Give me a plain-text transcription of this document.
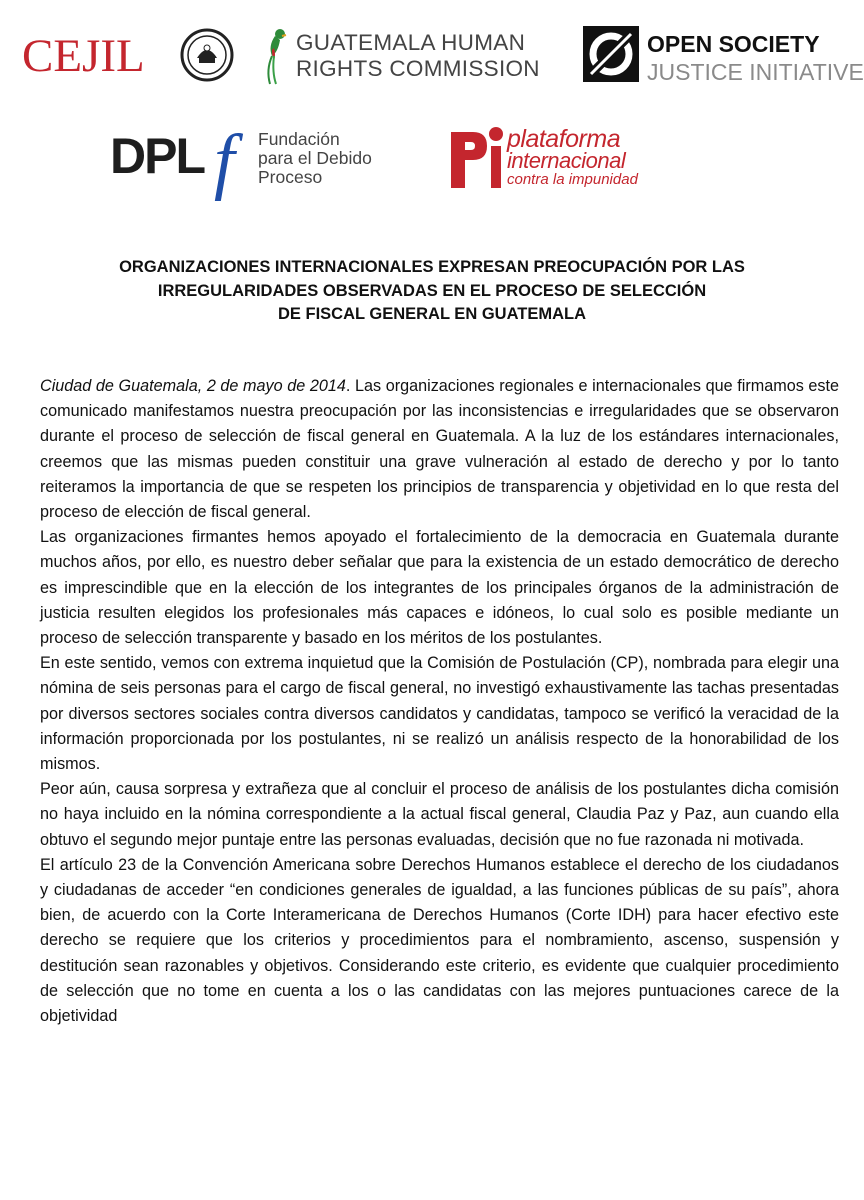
CEJIL	GUATEMALA HUMAN
RIGHTS COMMISSION
OPEN SOCIETY
JUSTICE INITIATIVE
DPL f Fundación
para el Debido
Proceso
plataforma
internacional
contra la impunidad
ORGANIZACIONES INTERNACIONALES EXPRESAN PREOCUPACIÓN POR LAS
IRREGULARIDADES OBSERVADAS EN EL PROCESO DE SELECCIÓN
DE FISCAL GENERAL EN GUATEMALA

Ciudad de Guatemala, 2 de mayo de 2014. Las organizaciones regionales e internacionales que firmamos este comunicado manifestamos nuestra preocupación por las inconsistencias e irregularidades que se observaron durante el proceso de selección de fiscal general en Guatemala. A la luz de los estándares internacionales, creemos que las mismas pueden constituir una grave vulneración al estado de derecho y por lo tanto reiteramos la importancia de que se respeten los principios de transparencia y objetividad en lo que resta del proceso de elección de fiscal general.

Las organizaciones firmantes hemos apoyado el fortalecimiento de la democracia en Guatemala durante muchos años, por ello, es nuestro deber señalar que para la existencia de un estado democrático de derecho es imprescindible que en la elección de los integrantes de los principales órganos de la administración de justicia resulten elegidos los profesionales más capaces e idóneos, lo cual solo es posible mediante un proceso de selección transparente y basado en los méritos de los postulantes.

En este sentido, vemos con extrema inquietud que la Comisión de Postulación (CP), nombrada para elegir una nómina de seis personas para el cargo de fiscal general, no investigó exhaustivamente las tachas presentadas por diversos sectores sociales contra diversos candidatos y candidatas, tampoco se verificó la veracidad de la información proporcionada por los postulantes, ni se realizó un análisis respecto de la honorabilidad de los mismos.

Peor aún, causa sorpresa y extrañeza que al concluir el proceso de análisis de los postulantes dicha comisión no haya incluido en la nómina correspondiente a la actual fiscal general, Claudia Paz y Paz, aun cuando ella obtuvo el segundo mejor puntaje entre las personas evaluadas, decisión que no fue razonada ni motivada.

El artículo 23 de la Convención Americana sobre Derechos Humanos establece el derecho de los ciudadanos y ciudadanas de acceder “en condiciones generales de igualdad, a las funciones públicas de su país”, ahora bien, de acuerdo con la Corte Interamericana de Derechos Humanos (Corte IDH) para hacer efectivo este derecho se requiere que los criterios y procedimientos para el nombramiento, ascenso, suspensión y destitución sean razonables y objetivos. Considerando este criterio, es evidente que cualquier procedimiento de selección que no tome en cuenta a los o las candidatas con las mejores puntuaciones carece de la objetividad
